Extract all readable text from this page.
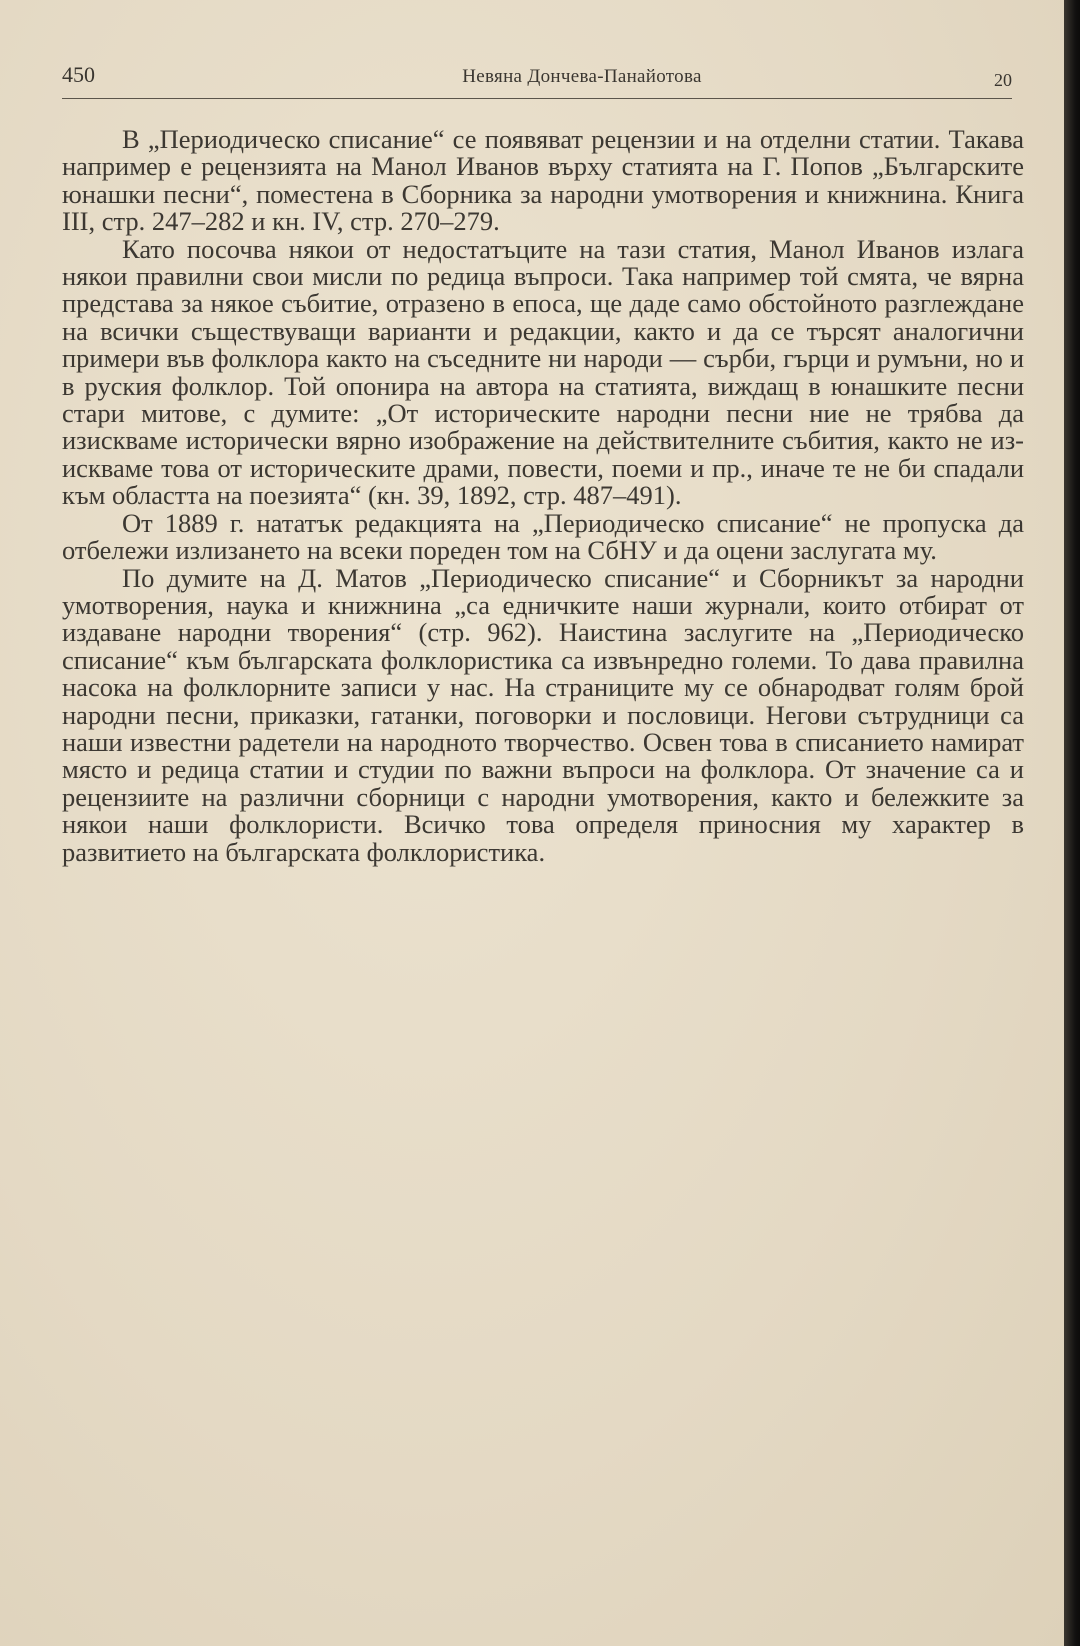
450	Невяна Дончева-Панайотова	20

В „Периодическо списание“ се появяват рецензии и на отделни статии. Такава например е рецензията на Манол Иванов върху статията на Г. Попов „Българските юнашки песни“, поместена в Сборника за народни умотворения и книжнина. Книга III, стр. 247–282 и кн. IV, стр. 270–279.

Като посочва някои от недостатъците на тази статия, Манол Иванов излага някои правилни свои мисли по редица въпроси. Така например той смята, че вярна представа за някое събитие, отразено в епоса, ще даде само обстойното разглеждане на всички съществуващи варианти и редакции, както и да се търсят аналогични примери във фолклора както на съседните ни народи — сърби, гърци и румъни, но и в руския фолклор. Той опонира на автора на статията, виждащ в юнашките песни стари митове, с думите: „От историческите народни песни ние не трябва да изискваме исторически вярно изображение на действителните събития, както не изискваме това от историческите драми, повести, поеми и пр., иначе те не би спадали към областта на поезията“ (кн. 39, 1892, стр. 487–491).

От 1889 г. нататък редакцията на „Периодическо списание“ не пропуска да отбележи излизането на всеки пореден том на СбНУ и да оцени заслугата му.

По думите на Д. Матов „Периодическо списание“ и Сборникът за народни умотворения, наука и книжнина „са едничките наши журнали, които отбират от издаване народни творения“ (стр. 962). Наистина заслугите на „Периодическо списание“ към българската фолклористика са извънредно големи. То дава правилна насока на фолклорните записи у нас. На страниците му се обнародват голям брой народни песни, приказки, гатанки, поговорки и пословици. Негови сътрудници са наши известни радетели на народното творчество. Освен това в списанието намират място и редица статии и студии по важни въпроси на фолклора. От значение са и рецензиите на различни сборници с народни умотворения, както и бележките за някои наши фолклористи. Всичко това определя приносния му характер в развитието на българската фолклористика.
